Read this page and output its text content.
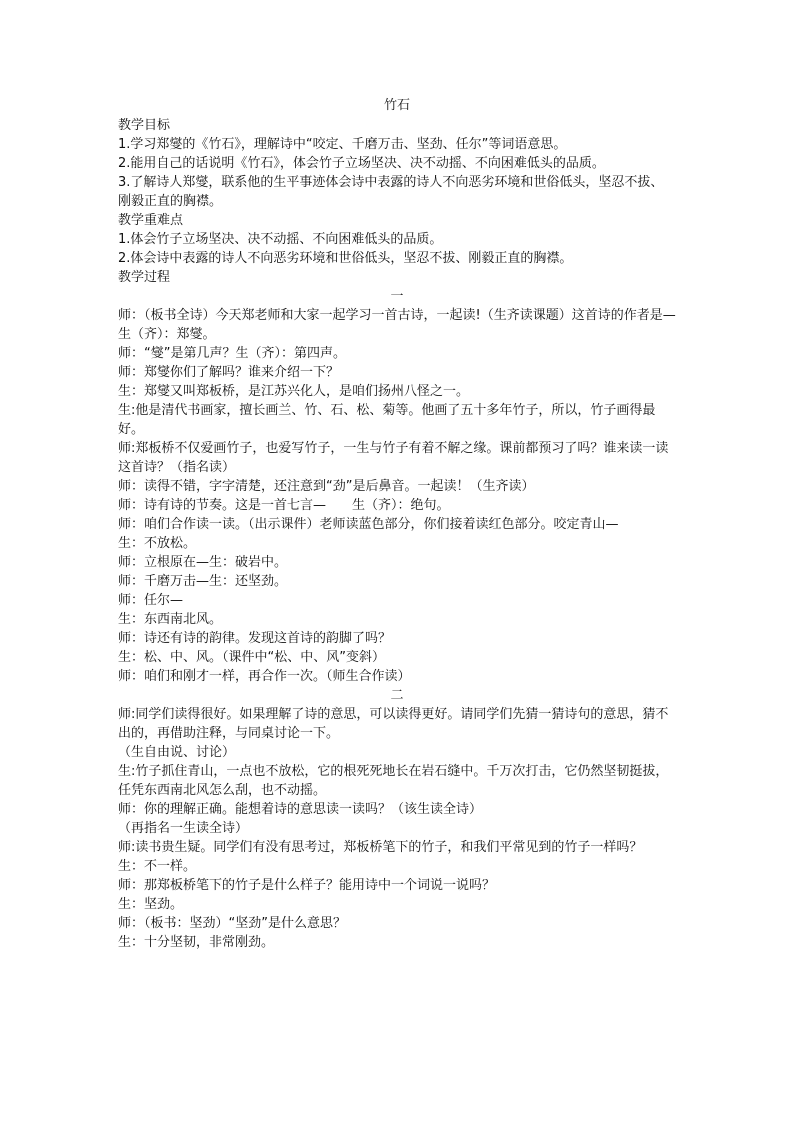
竹石

教学目标

1.学习郑燮的《竹石》，理解诗中“咬定、千磨万击、坚劲、任尔”等词语意思。

2.能用自己的话说明《竹石》，体会竹子立场坚决、决不动摇、不向困难低头的品质。

3.了解诗人郑燮，联系他的生平事迹体会诗中表露的诗人不向恶劣环境和世俗低头，坚忍不拔、刚毅正直的胸襟。

教学重难点

1.体会竹子立场坚决、决不动摇、不向困难低头的品质。

2.体会诗中表露的诗人不向恶劣环境和世俗低头，坚忍不拔、刚毅正直的胸襟。

教学过程

一

师：（板书全诗）今天郑老师和大家一起学习一首古诗，一起读!（生齐读课题）这首诗的作者是—

生（齐）：郑燮。

师：“燮”是第几声？生（齐）：第四声。

师：郑燮你们了解吗？谁来介绍一下？

生：郑燮又叫郑板桥，是江苏兴化人，是咱们扬州八怪之一。

生:他是清代书画家，擅长画兰、竹、石、松、菊等。他画了五十多年竹子，所以，竹子画得最好。

师:郑板桥不仅爱画竹子，也爱写竹子，一生与竹子有着不解之缘。课前都预习了吗？谁来读一读这首诗？（指名读）

师：读得不错，字字清楚，还注意到“劲”是后鼻音。一起读！（生齐读）

师：诗有诗的节奏。这是一首七言—　　生（齐）：绝句。

师：咱们合作读一读。（出示课件）老师读蓝色部分，你们接着读红色部分。咬定青山—

生：不放松。

师：立根原在—生：破岩中。

师：千磨万击—生：还坚劲。

师：任尔—

生：东西南北风。

师：诗还有诗的韵律。发现这首诗的韵脚了吗？

生：松、中、风。（课件中“松、中、风”变斜）

师：咱们和刚才一样，再合作一次。（师生合作读）

二

师:同学们读得很好。如果理解了诗的意思，可以读得更好。请同学们先猜一猜诗句的意思，猜不出的，再借助注释，与同桌讨论一下。

（生自由说、讨论）

生:竹子抓住青山，一点也不放松，它的根死死地长在岩石缝中。千万次打击，它仍然坚韧挺拔，任凭东西南北风怎么刮，也不动摇。

师：你的理解正确。能想着诗的意思读一读吗？（该生读全诗）

（再指名一生读全诗）

师:读书贵生疑。同学们有没有思考过，郑板桥笔下的竹子，和我们平常见到的竹子一样吗？

生：不一样。

师：那郑板桥笔下的竹子是什么样子？能用诗中一个词说一说吗？

生：坚劲。

师：（板书：坚劲）“坚劲”是什么意思？

生：十分坚韧，非常刚劲。
